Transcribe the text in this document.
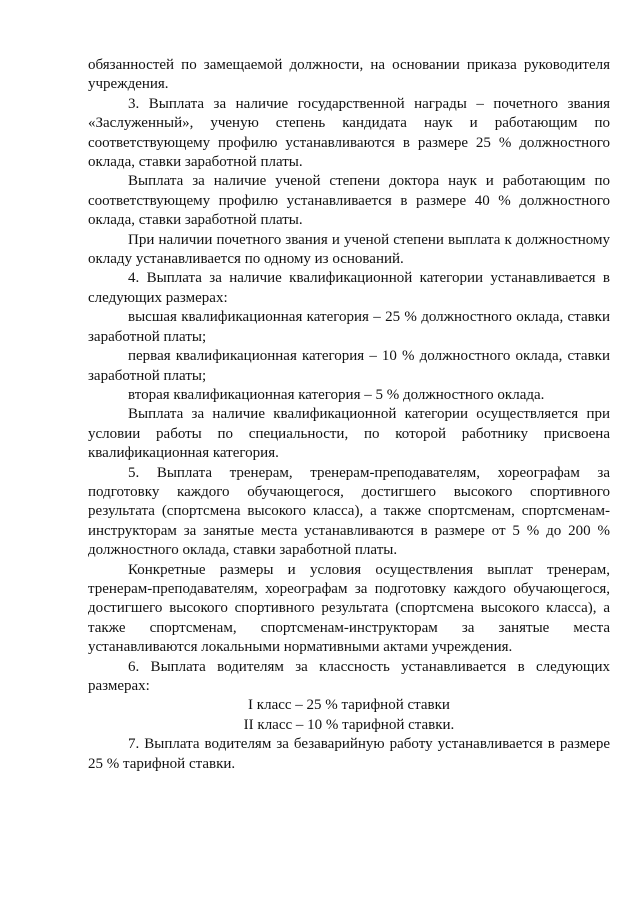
обязанностей по замещаемой должности, на основании приказа руководителя учреждения.

3. Выплата за наличие государственной награды – почетного звания «Заслуженный», ученую степень кандидата наук и работающим по соответствующему профилю устанавливаются в размере 25 % должностного оклада, ставки заработной платы.

Выплата за наличие ученой степени доктора наук и работающим по соответствующему профилю устанавливается в размере 40 % должностного оклада, ставки заработной платы.

При наличии почетного звания и ученой степени выплата к должностному окладу устанавливается по одному из оснований.

4. Выплата за наличие квалификационной категории устанавливается в следующих размерах:

высшая квалификационная категория – 25 % должностного оклада, ставки заработной платы;

первая квалификационная категория – 10 % должностного оклада, ставки заработной платы;

вторая квалификационная категория – 5 % должностного оклада.

Выплата за наличие квалификационной категории осуществляется при условии работы по специальности, по которой работнику присвоена квалификационная категория.

5. Выплата тренерам, тренерам-преподавателям, хореографам за подготовку каждого обучающегося, достигшего высокого спортивного результата (спортсмена высокого класса), а также спортсменам, спортсменам-инструкторам за занятые места устанавливаются в размере от 5 % до 200 % должностного оклада, ставки заработной платы.

Конкретные размеры и условия осуществления выплат тренерам, тренерам-преподавателям, хореографам за подготовку каждого обучающегося, достигшего высокого спортивного результата (спортсмена высокого класса), а также спортсменам, спортсменам-инструкторам за занятые места устанавливаются локальными нормативными актами учреждения.

6. Выплата водителям за классность устанавливается в следующих размерах:

I класс – 25 % тарифной ставки

II класс – 10 % тарифной ставки.

7. Выплата водителям за безаварийную работу устанавливается в размере 25 % тарифной ставки.
